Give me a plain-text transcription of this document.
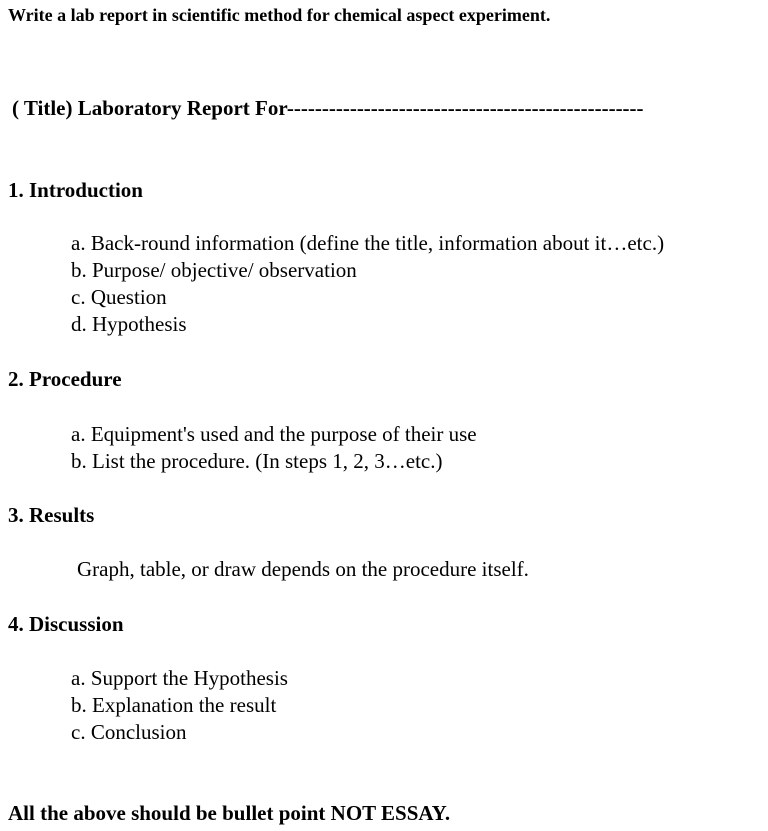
Write a lab report in scientific method for chemical aspect experiment.
( Title) Laboratory Report For---------------------------------------------------
1. Introduction
a. Back-round information (define the title, information about it…etc.)
b. Purpose/ objective/ observation
c. Question
d. Hypothesis
2. Procedure
a. Equipment's used and the purpose of their use
b. List the procedure. (In steps 1, 2, 3…etc.)
3. Results
Graph, table, or draw depends on the procedure itself.
4. Discussion
a. Support the Hypothesis
b. Explanation the result
c. Conclusion
All the above should be bullet point NOT ESSAY.
